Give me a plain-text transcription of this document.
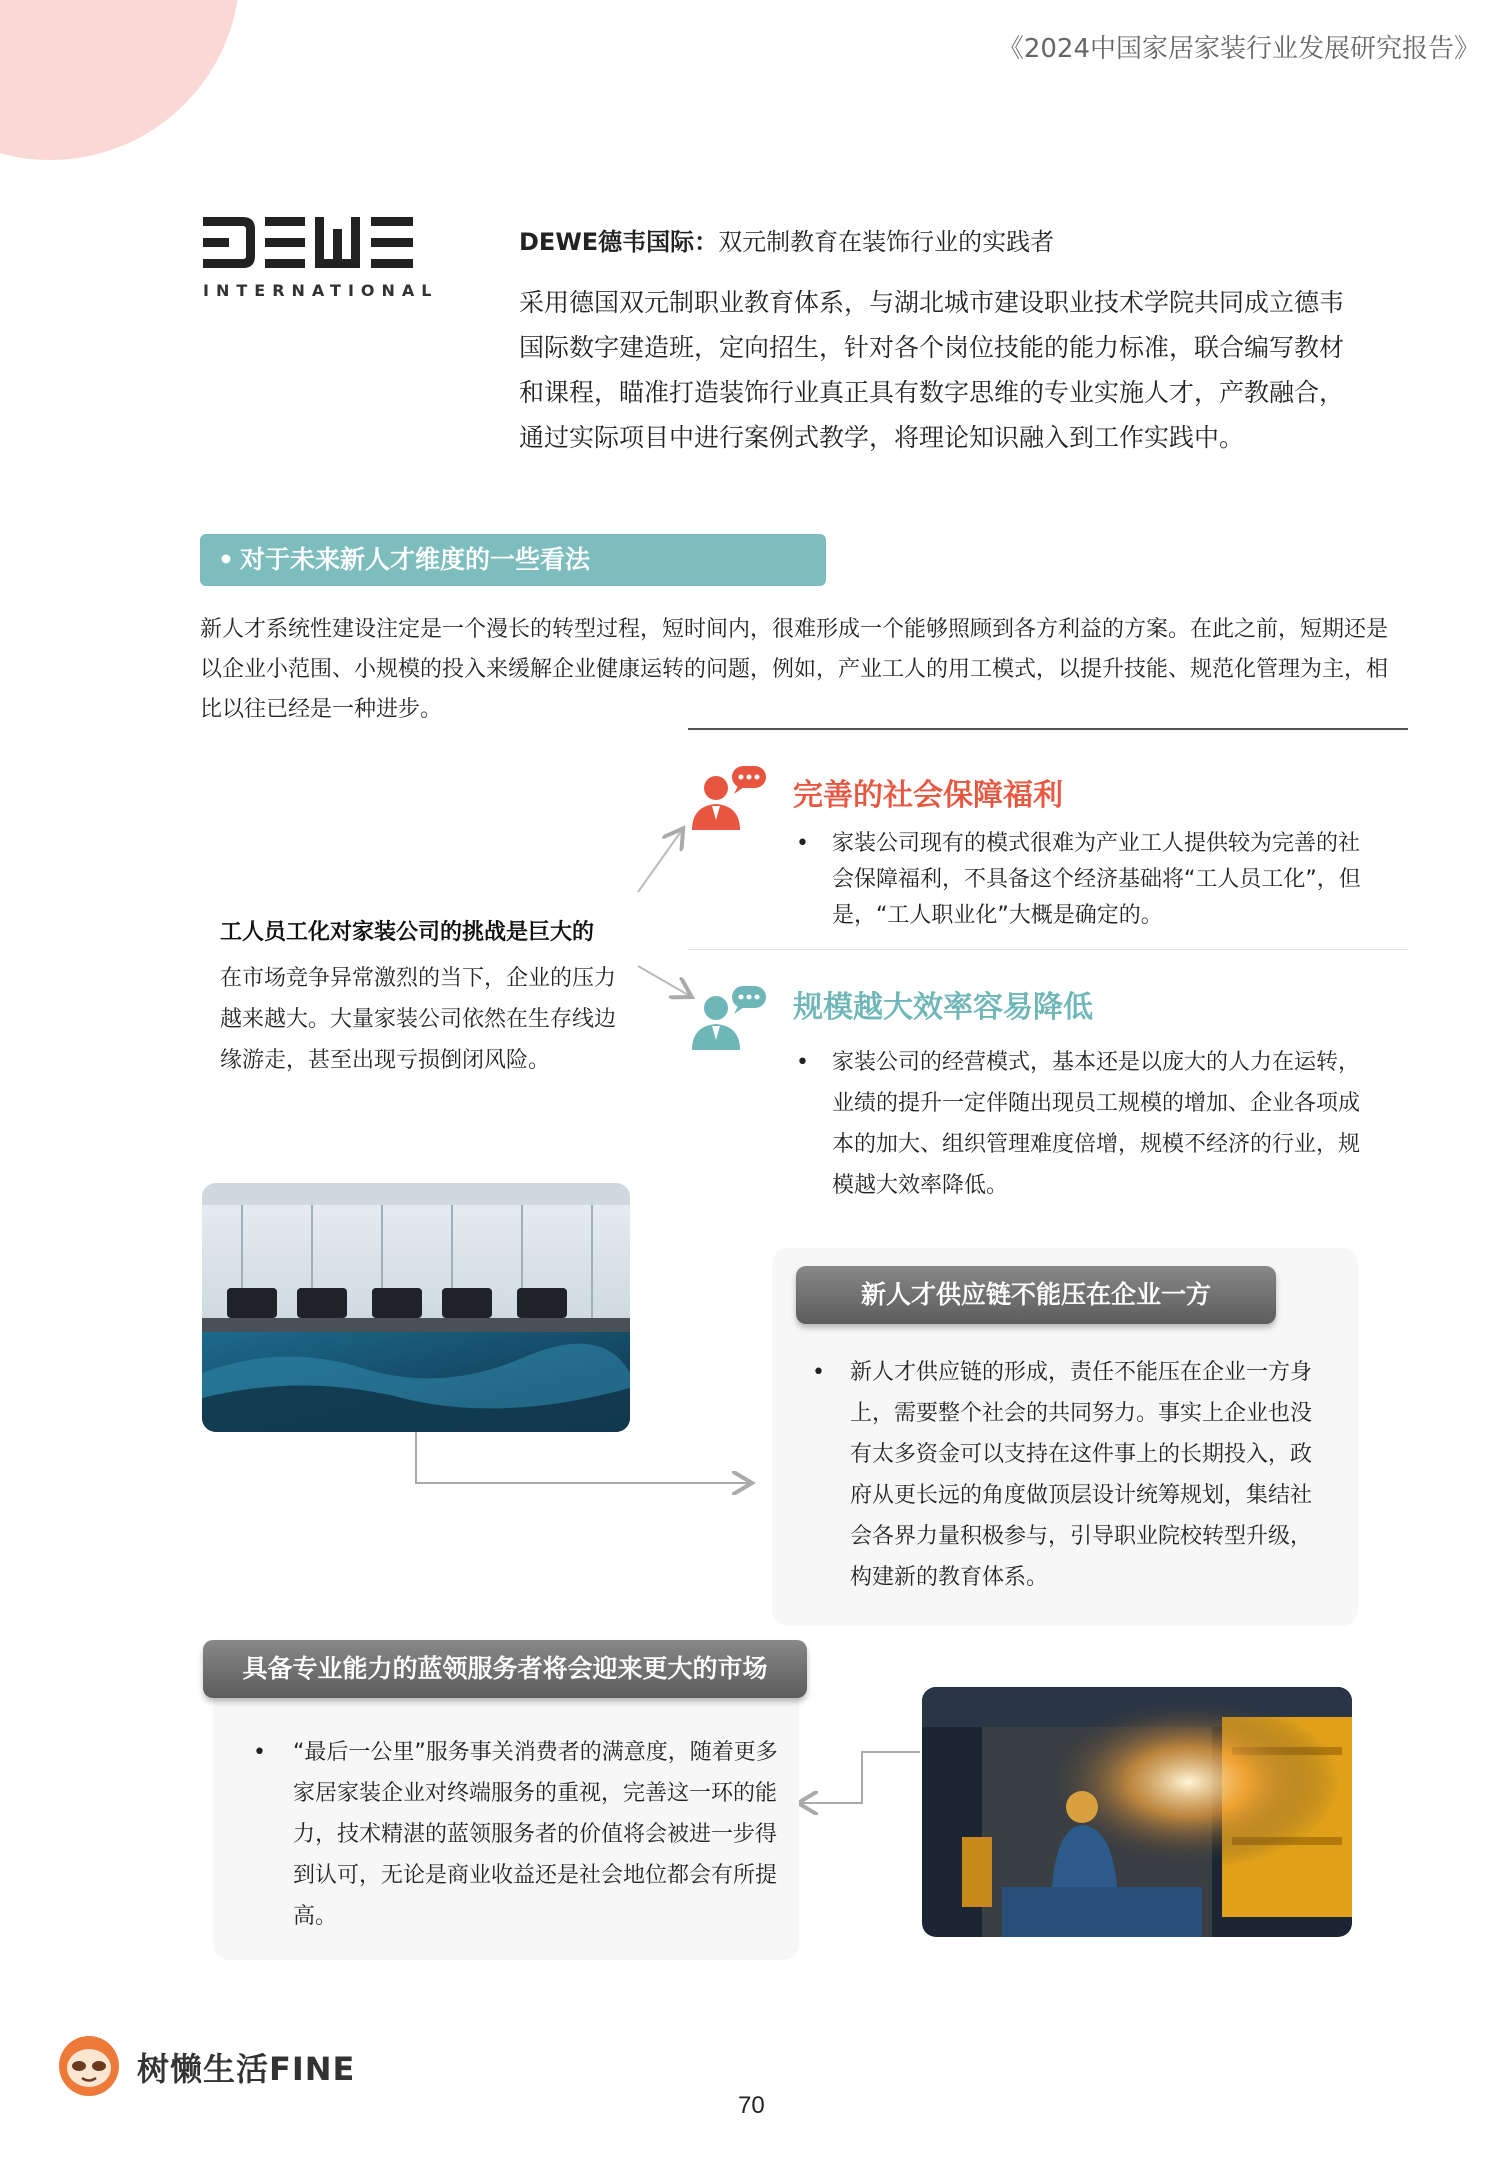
《2024中国家居家装行业发展研究报告》
INTERNATIONAL
DEWE德韦国际：双元制教育在装饰行业的实践者
采用德国双元制职业教育体系，与湖北城市建设职业技术学院共同成立德韦国际数字建造班，定向招生，针对各个岗位技能的能力标准，联合编写教材和课程，瞄准打造装饰行业真正具有数字思维的专业实施人才，产教融合，通过实际项目中进行案例式教学，将理论知识融入到工作实践中。
• 对于未来新人才维度的一些看法
新人才系统性建设注定是一个漫长的转型过程，短时间内，很难形成一个能够照顾到各方利益的方案。在此之前，短期还是以企业小范围、小规模的投入来缓解企业健康运转的问题，例如，产业工人的用工模式，以提升技能、规范化管理为主，相比以往已经是一种进步。
工人员工化对家装公司的挑战是巨大的
在市场竞争异常激烈的当下，企业的压力越来越大。大量家装公司依然在生存线边缘游走，甚至出现亏损倒闭风险。
完善的社会保障福利
• 家装公司现有的模式很难为产业工人提供较为完善的社会保障福利，不具备这个经济基础将“工人员工化”，但是，“工人职业化”大概是确定的。
规模越大效率容易降低
• 家装公司的经营模式，基本还是以庞大的人力在运转，业绩的提升一定伴随出现员工规模的增加、企业各项成本的加大、组织管理难度倍增，规模不经济的行业，规模越大效率降低。
新人才供应链不能压在企业一方
• 新人才供应链的形成，责任不能压在企业一方身上，需要整个社会的共同努力。事实上企业也没有太多资金可以支持在这件事上的长期投入，政府从更长远的角度做顶层设计统筹规划，集结社会各界力量积极参与，引导职业院校转型升级，构建新的教育体系。
具备专业能力的蓝领服务者将会迎来更大的市场
• “最后一公里”服务事关消费者的满意度，随着更多家居家装企业对终端服务的重视，完善这一环的能力，技术精湛的蓝领服务者的价值将会被进一步得到认可，无论是商业收益还是社会地位都会有所提高。
树懒生活FINE
70
